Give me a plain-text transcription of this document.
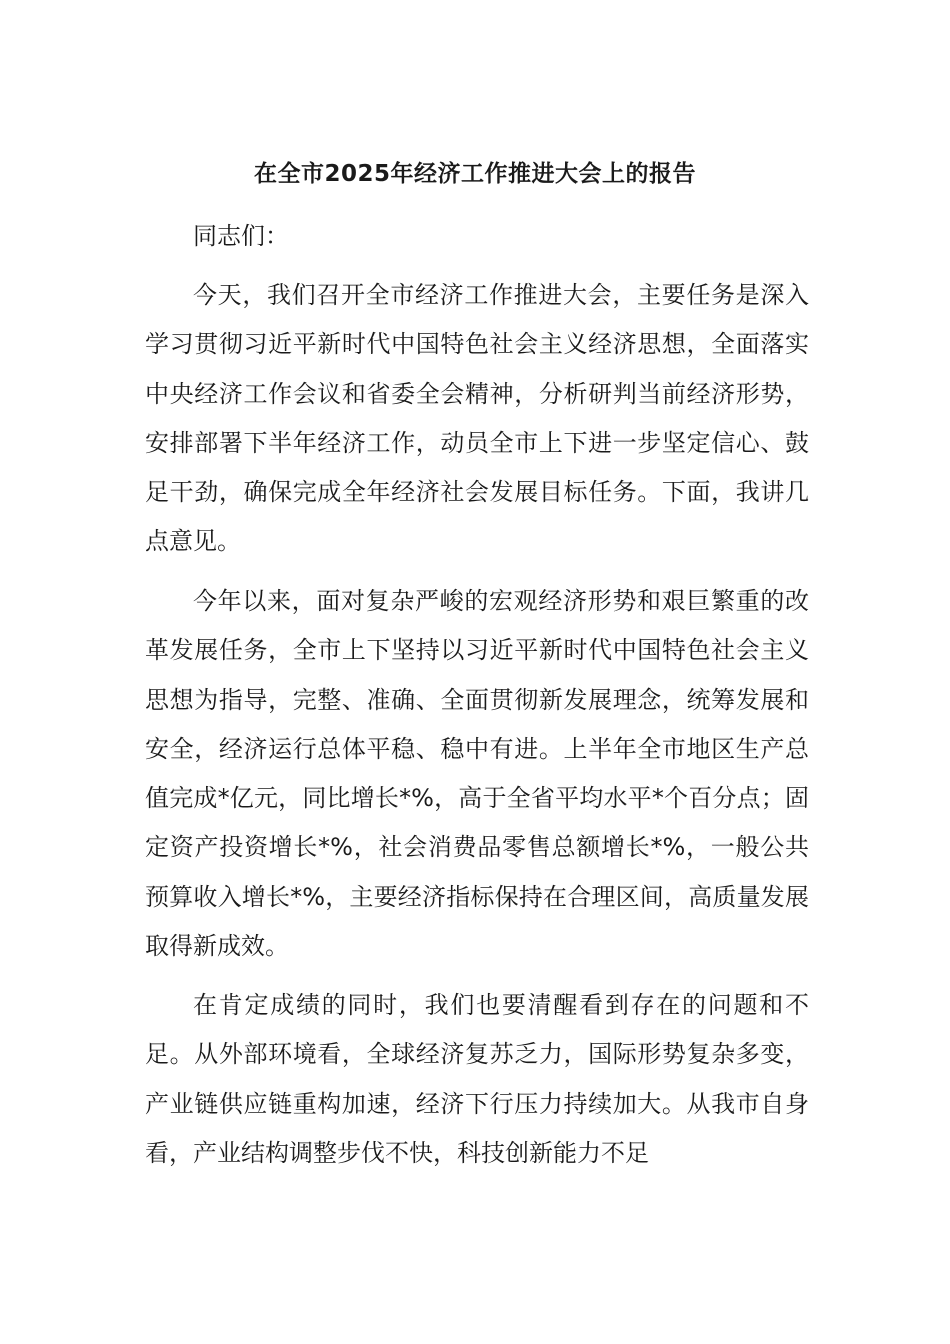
在全市2025年经济工作推进大会上的报告

同志们：

今天，我们召开全市经济工作推进大会，主要任务是深入学习贯彻习近平新时代中国特色社会主义经济思想，全面落实中央经济工作会议和省委全会精神，分析研判当前经济形势，安排部署下半年经济工作，动员全市上下进一步坚定信心、鼓足干劲，确保完成全年经济社会发展目标任务。下面，我讲几点意见。

今年以来，面对复杂严峻的宏观经济形势和艰巨繁重的改革发展任务，全市上下坚持以习近平新时代中国特色社会主义思想为指导，完整、准确、全面贯彻新发展理念，统筹发展和安全，经济运行总体平稳、稳中有进。上半年全市地区生产总值完成*亿元，同比增长*%，高于全省平均水平*个百分点；固定资产投资增长*%，社会消费品零售总额增长*%，一般公共预算收入增长*%，主要经济指标保持在合理区间，高质量发展取得新成效。

在肯定成绩的同时，我们也要清醒看到存在的问题和不足。从外部环境看，全球经济复苏乏力，国际形势复杂多变，产业链供应链重构加速，经济下行压力持续加大。从我市自身看，产业结构调整步伐不快，科技创新能力不足
